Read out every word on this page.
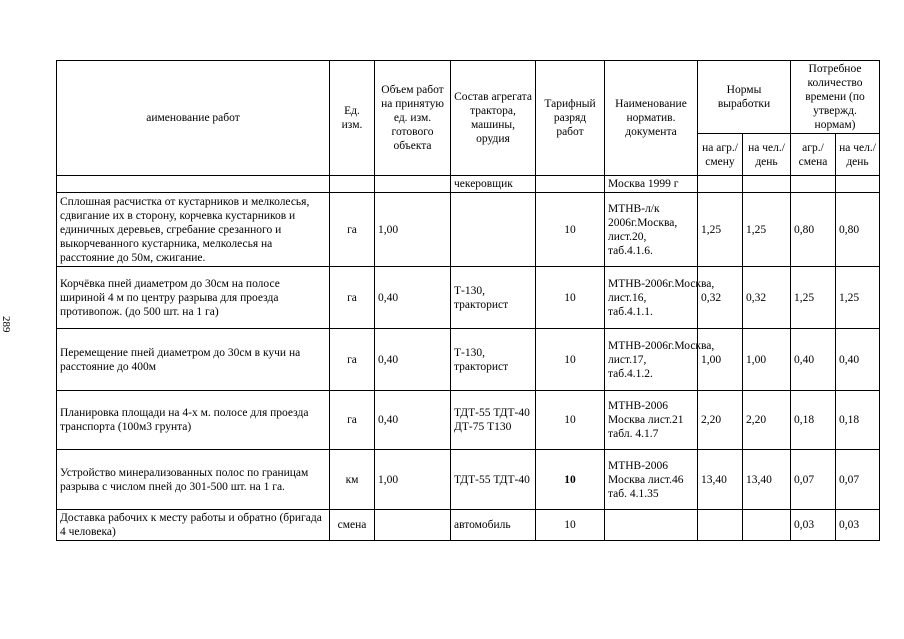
289
аименование работ	Ед. изм.	Объем работ на принятую ед. изм. готового объекта	Состав агрегата трактора, машины, орудия	Тарифный разряд работ	Наименование норматив. документа	Нормы выработки		Потребное количество времени (по утвержд. нормам)	
						на агр./ смену	на чел./ день	агр./ смена	на чел./ день
			чекеровщик		Москва 1999 г				
Сплошная расчистка от кустарников и мелколесья, сдвигание их в сторону, корчевка кустарников и единичных деревьев, сгребание срезанного и выкорчеванного кустарника, мелколесья на расстояние до 50м, сжигание.	га	1,00		10	МТНВ-л/к 2006г.Москва, лист.20, таб.4.1.6.	1,25	1,25	0,80	0,80
Корчёвка пней диаметром до 30см на полосе шириной 4 м по центру разрыва для проезда противопож. (до 500 шт. на 1 га)	га	0,40	Т-130, тракторист	10	МТНВ-2006г.Москва, лист.16, таб.4.1.1.	0,32	0,32	1,25	1,25
Перемещение пней диаметром до 30см в кучи на расстояние до 400м	га	0,40	Т-130, тракторист	10	МТНВ-2006г.Москва, лист.17, таб.4.1.2.	1,00	1,00	0,40	0,40
Планировка площади на 4-х м. полосе для проезда транспорта (100м3 грунта)	га	0,40	ТДТ-55 ТДТ-40 ДТ-75 Т130	10	МТНВ-2006 Москва лист.21 табл. 4.1.7	2,20	2,20	0,18	0,18
Устройство минерализованных полос по границам разрыва с числом пней до 301-500 шт. на 1 га.	км	1,00	ТДТ-55 ТДТ-40	10	МТНВ-2006 Москва лист.46 таб. 4.1.35	13,40	13,40	0,07	0,07
Доставка рабочих к месту работы и обратно (бригада 4 человека)	смена		автомобиль	10				0,03	0,03
